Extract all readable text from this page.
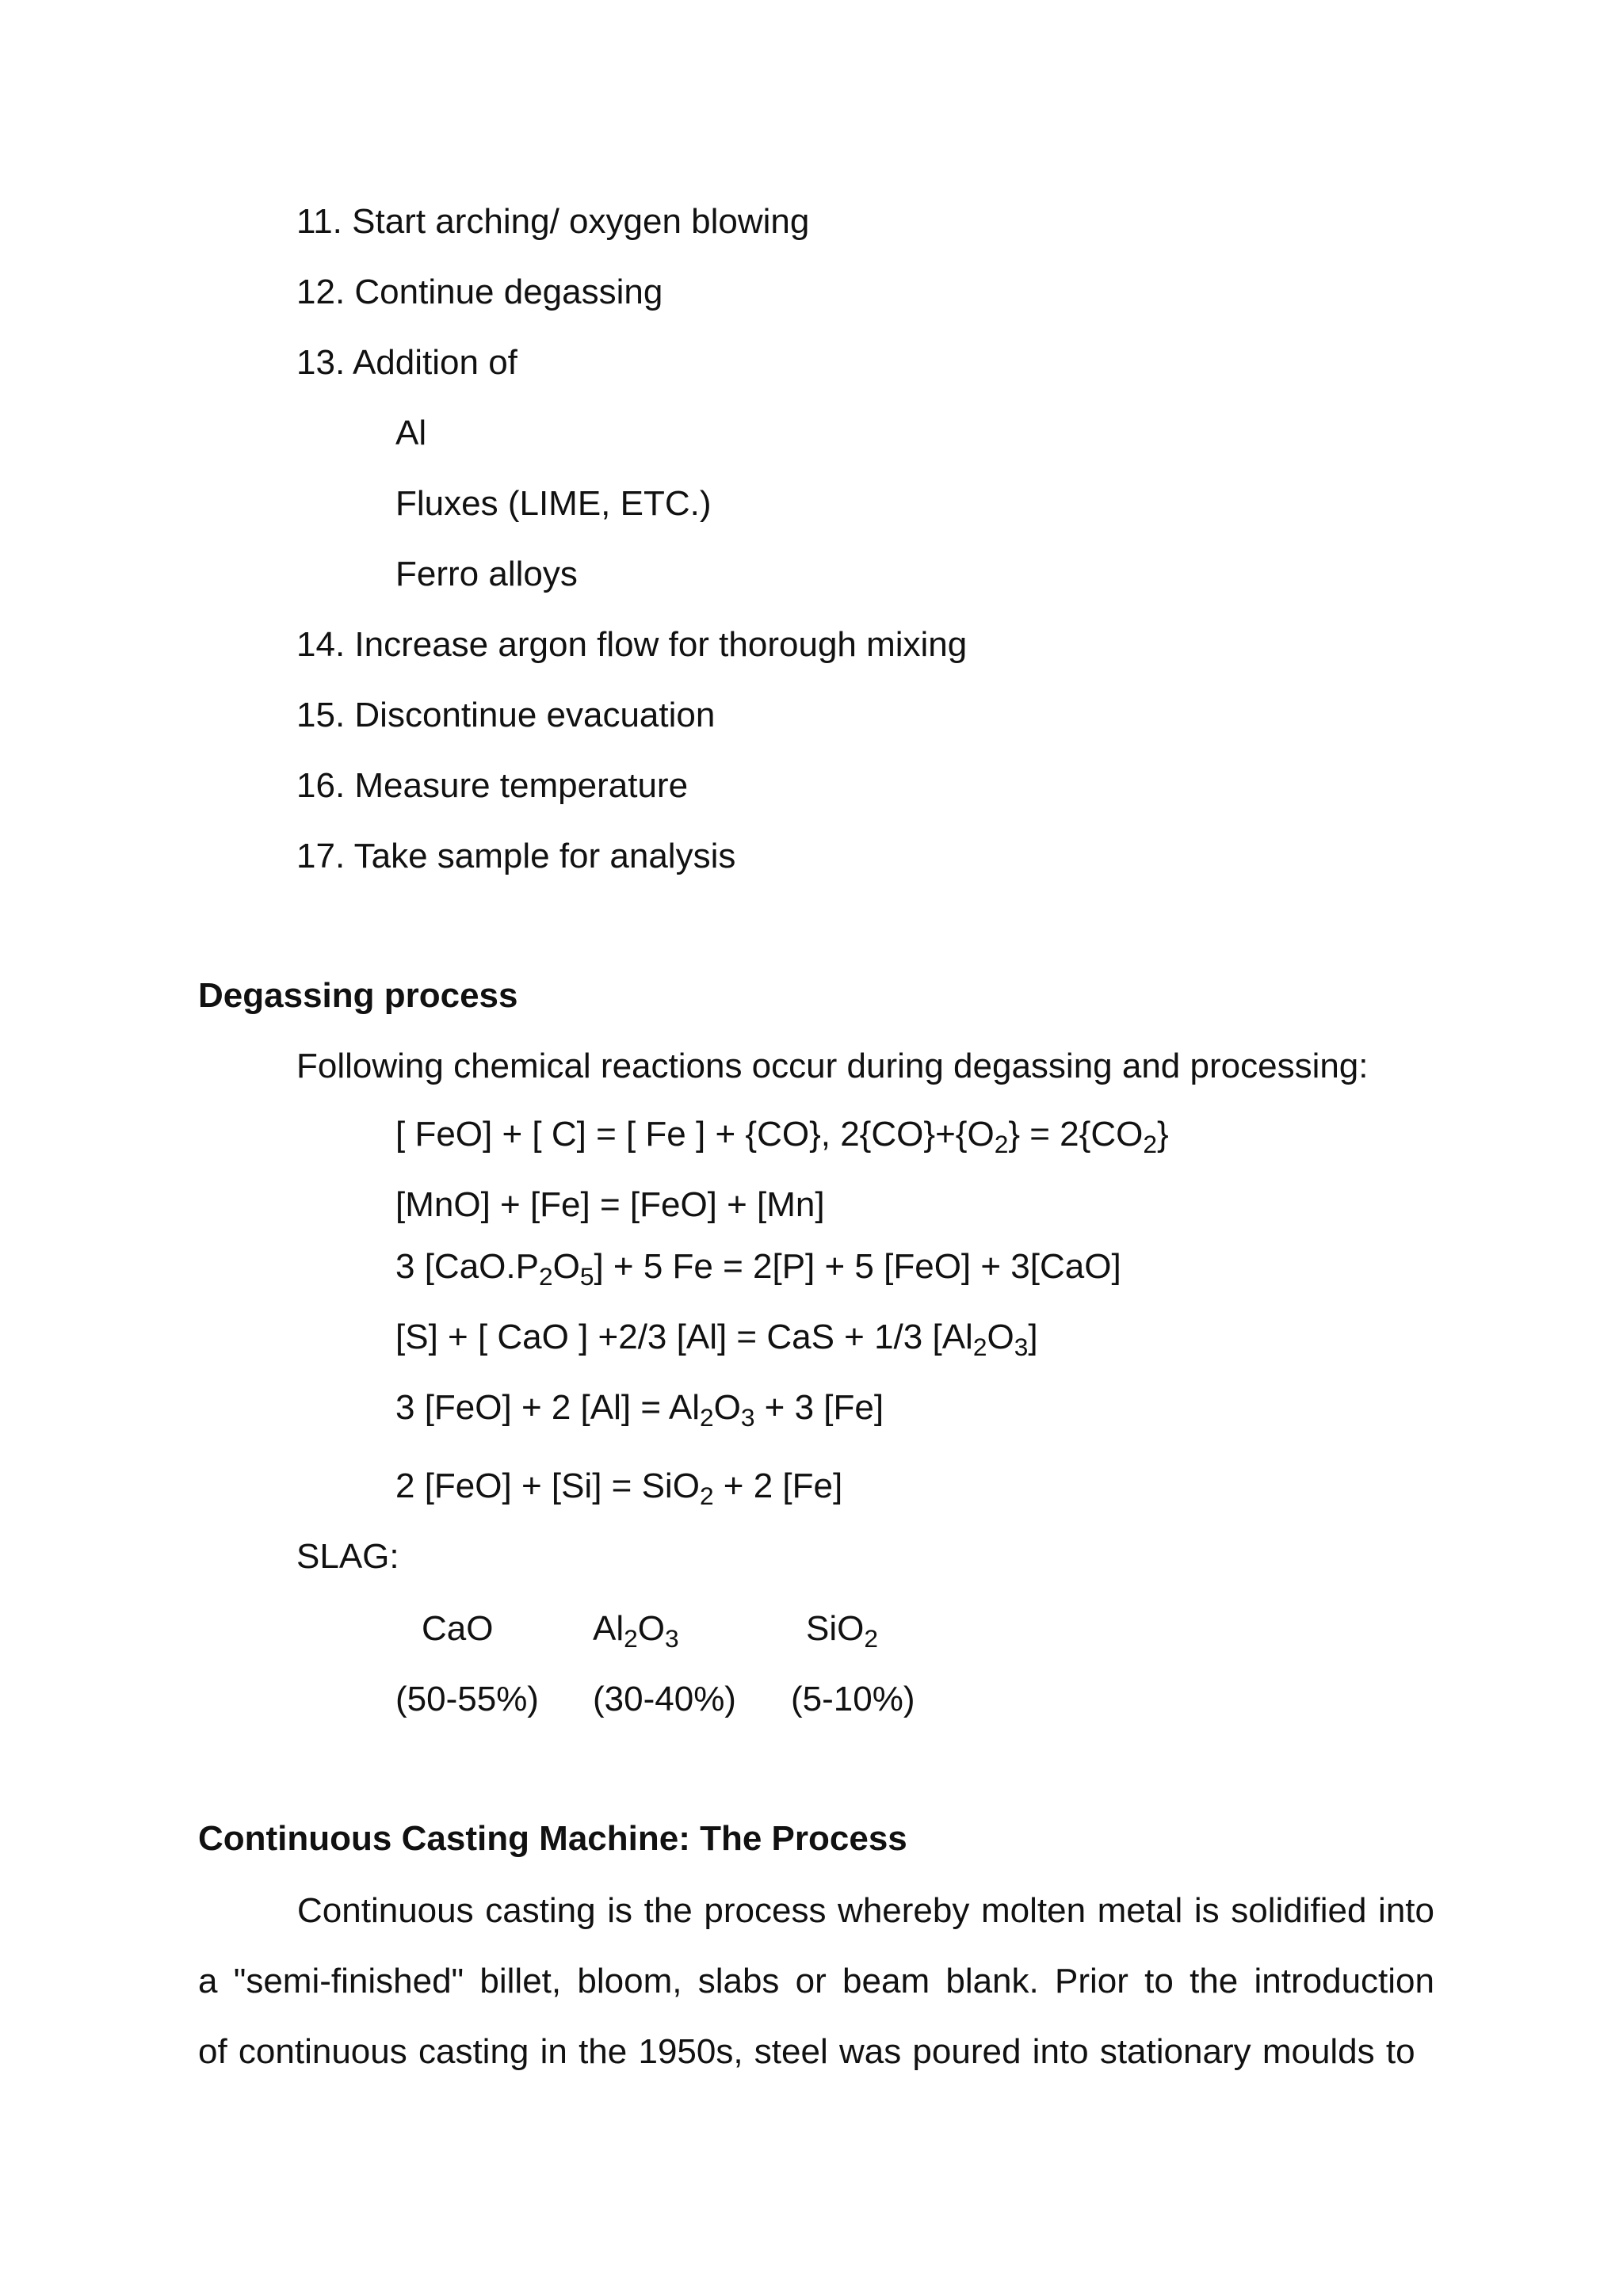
11. Start arching/ oxygen blowing
12. Continue degassing
13. Addition of
Al
Fluxes (LIME, ETC.)
Ferro alloys
14. Increase argon flow for thorough mixing
15. Discontinue evacuation
16. Measure temperature
17. Take sample for analysis
Degassing process
Following chemical reactions occur during degassing and processing:
[ FeO] + [ C] = [ Fe ] + {CO}, $2\{CO\}+\{O_2\} = 2\{CO_2\}$
[MnO] + [Fe] = [FeO] + [Mn]
3 $[CaO.P_2O_5] + 5$ Fe = 2[P] + 5 [FeO] + 3[CaO]
[S] + [ CaO ] +2/3 [Al] = CaS + 1/3 $[Al_2O_3]$
3 [FeO] + 2 $[Al] = Al_2O_3 + 3$ [Fe]
2 [FeO] + [Si] = SiO$_2$ + 2 [Fe]
SLAG:
CaO	$Al_2O_3$	SiO$_2$
(50-55%) (30-40%) (5-10%)
Continuous Casting Machine: The Process
Continuous casting is the process whereby molten metal is solidified into
a "semi-finished" billet, bloom, slabs or beam blank. Prior to the introduction
of continuous casting in the 1950s, steel was poured into stationary moulds to
